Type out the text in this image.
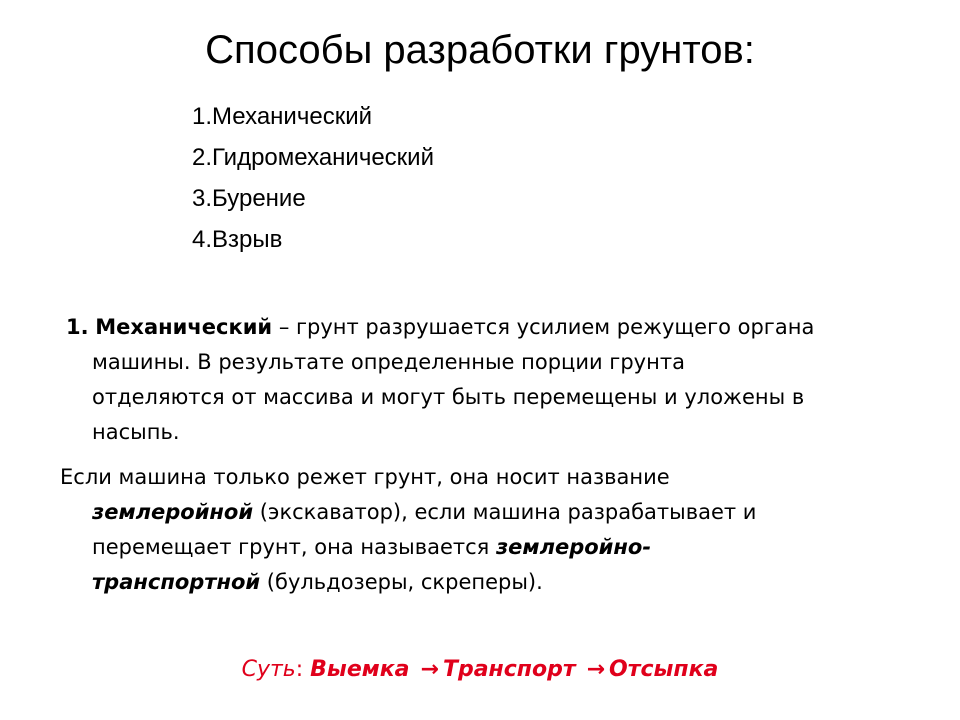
Способы разработки грунтов:
1.Механический
2.Гидромеханический
3.Бурение
4.Взрыв
1. Механический – грунт разрушается усилием режущего органа
машины. В результате определенные порции грунта
отделяются от массива и могут быть перемещены и уложены в
насыпь.
Если машина только режет грунт, она носит название
землеройной (экскаватор), если машина разрабатывает и
перемещает грунт, она называется землеройно-
транспортной (бульдозеры, скреперы).
Суть: Выемка → Транспорт → Отсыпка
